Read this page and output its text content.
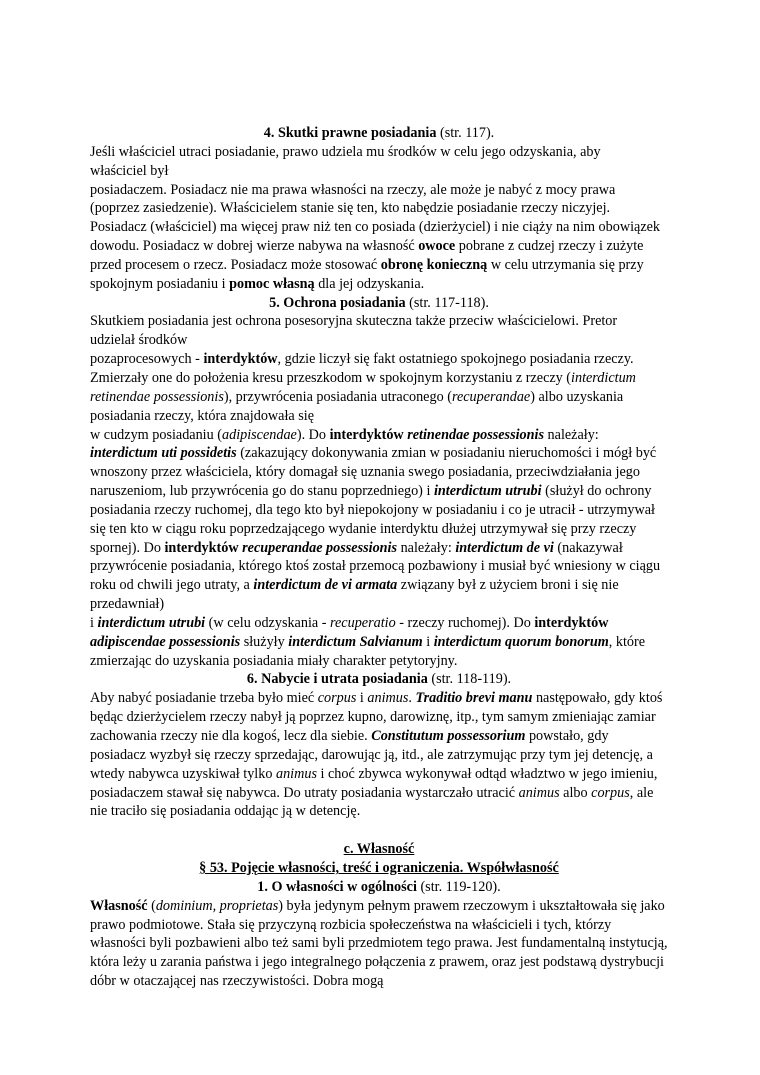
4. Skutki prawne posiadania (str. 117).

Jeśli właściciel utraci posiadanie, prawo udziela mu środków w celu jego odzyskania, aby

właściciel był

posiadaczem. Posiadacz nie ma prawa własności na rzeczy, ale może je nabyć z mocy prawa (poprzez zasiedzenie). Właścicielem stanie się ten, kto nabędzie posiadanie rzeczy niczyjej. Posiadacz (właściciel) ma więcej praw niż ten co posiada (dzierżyciel) i nie ciąży na nim obowiązek dowodu. Posiadacz w dobrej wierze nabywa na własność owoce pobrane z cudzej rzeczy i zużyte przed procesem o rzecz. Posiadacz może stosować obronę konieczną w celu utrzymania się przy spokojnym posiadaniu i pomoc własną dla jej odzyskania.

5. Ochrona posiadania (str. 117-118).

Skutkiem posiadania jest ochrona posesoryjna skuteczna także przeciw właścicielowi. Pretor

udzielał środków

pozaprocesowych - interdyktów, gdzie liczył się fakt ostatniego spokojnego posiadania rzeczy. Zmierzały one do położenia kresu przeszkodom w spokojnym korzystaniu z rzeczy (interdictum retinendae possessionis), przywrócenia posiadania utraconego (recuperandae) albo uzyskania posiadania rzeczy, która znajdowała się

w cudzym posiadaniu (adipiscendae). Do interdyktów retinendae possessionis należały: interdictum uti possidetis (zakazujący dokonywania zmian w posiadaniu nieruchomości i mógł być wnoszony przez właściciela, który domagał się uznania swego posiadania, przeciwdziałania jego naruszeniom, lub przywrócenia go do stanu poprzedniego) i interdictum utrubi (służył do ochrony posiadania rzeczy ruchomej, dla tego kto był niepokojony w posiadaniu i co je utracił - utrzymywał się ten kto w ciągu roku poprzedzającego wydanie interdyktu dłużej utrzymywał się przy rzeczy spornej). Do interdyktów recuperandae possessionis należały: interdictum de vi (nakazywał przywrócenie posiadania, którego ktoś został przemocą pozbawiony i musiał być wniesiony w ciągu roku od chwili jego utraty, a interdictum de vi armata związany był z użyciem broni i się nie przedawniał)

i interdictum utrubi (w celu odzyskania - recuperatio - rzeczy ruchomej). Do interdyktów adipiscendae possessionis służyły interdictum Salvianum i interdictum quorum bonorum, które zmierzając do uzyskania posiadania miały charakter petytoryjny.

6. Nabycie i utrata posiadania (str. 118-119).

Aby nabyć posiadanie trzeba było mieć corpus i animus. Traditio brevi manu następowało, gdy ktoś będąc dzierżycielem rzeczy nabył ją poprzez kupno, darowiznę, itp., tym samym zmieniając zamiar zachowania rzeczy nie dla kogoś, lecz dla siebie. Constitutum possessorium powstało, gdy posiadacz wyzbył się rzeczy sprzedając, darowując ją, itd., ale zatrzymując przy tym jej detencję, a wtedy nabywca uzyskiwał tylko animus i choć zbywca wykonywał odtąd władztwo w jego imieniu, posiadaczem stawał się nabywca. Do utraty posiadania wystarczało utracić animus albo corpus, ale nie traciło się posiadania oddając ją w detencję.

c. Własność

§ 53. Pojęcie własności, treść i ograniczenia. Współwłasność

1. O własności w ogólności (str. 119-120).

Własność (dominium, proprietas) była jedynym pełnym prawem rzeczowym i ukształtowała się jako prawo podmiotowe. Stała się przyczyną rozbicia społeczeństwa na właścicieli i tych, którzy własności byli pozbawieni albo też sami byli przedmiotem tego prawa. Jest fundamentalną instytucją, która leży u zarania państwa i jego integralnego połączenia z prawem, oraz jest podstawą dystrybucji dóbr w otaczającej nas rzeczywistości. Dobra mogą
